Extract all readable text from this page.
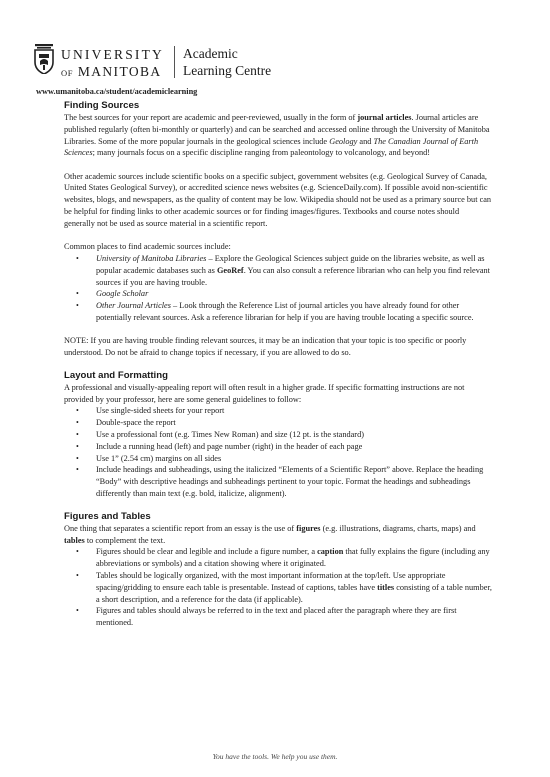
UNIVERSITY
OF MANITOBA
Academic
Learning Centre
www.umanitoba.ca/student/academiclearning
Finding Sources

The best sources for your report are academic and peer-reviewed, usually in the form of journal articles. Journal articles are published regularly (often bi-monthly or quarterly) and can be searched and accessed online through the University of Manitoba Libraries. Some of the more popular journals in the geological sciences include Geology and The Canadian Journal of Earth Sciences; many journals focus on a specific discipline ranging from paleontology to volcanology, and beyond!

Other academic sources include scientific books on a specific subject, government websites (e.g. Geological Survey of Canada, United States Geological Survey), or accredited science news websites (e.g. ScienceDaily.com). If possible avoid non-scientific websites, blogs, and newspapers, as the quality of content may be low. Wikipedia should not be used as a primary source but can be helpful for finding links to other academic sources or for finding images/figures. Textbooks and course notes should generally not be used as source material in a scientific report.

Common places to find academic sources include:

• University of Manitoba Libraries – Explore the Geological Sciences subject guide on the libraries website, as well as popular academic databases such as GeoRef. You can also consult a reference librarian who can help you find relevant sources if you are having trouble.
• Google Scholar
• Other Journal Articles – Look through the Reference List of journal articles you have already found for other potentially relevant sources. Ask a reference librarian for help if you are having trouble locating a specific source.

NOTE: If you are having trouble finding relevant sources, it may be an indication that your topic is too specific or poorly understood. Do not be afraid to change topics if necessary, if you are allowed to do so.

Layout and Formatting

A professional and visually-appealing report will often result in a higher grade. If specific formatting instructions are not provided by your professor, here are some general guidelines to follow:

• Use single-sided sheets for your report
• Double-space the report
• Use a professional font (e.g. Times New Roman) and size (12 pt. is the standard)
• Include a running head (left) and page number (right) in the header of each page
• Use 1” (2.54 cm) margins on all sides
• Include headings and subheadings, using the italicized “Elements of a Scientific Report” above. Replace the heading “Body” with descriptive headings and subheadings pertinent to your topic. Format the headings and subheadings differently than main text (e.g. bold, italicize, alignment).
Figures and Tables

One thing that separates a scientific report from an essay is the use of figures (e.g. illustrations, diagrams, charts, maps) and tables to complement the text.

• Figures should be clear and legible and include a figure number, a caption that fully explains the figure (including any abbreviations or symbols) and a citation showing where it originated.
• Tables should be logically organized, with the most important information at the top/left. Use appropriate spacing/gridding to ensure each table is presentable. Instead of captions, tables have titles consisting of a table number, a short description, and a reference for the data (if applicable).
• Figures and tables should always be referred to in the text and placed after the paragraph where they are first mentioned.
You have the tools. We help you use them.
